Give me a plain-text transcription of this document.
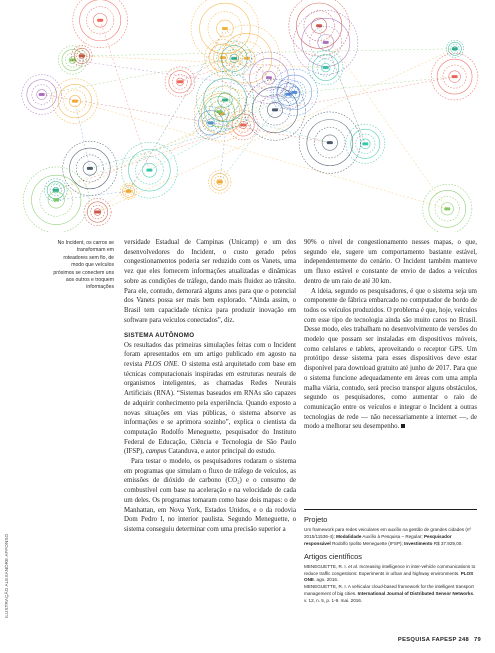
ILUSTRAÇÃO ALEXANDRE AFFONSO
No Incident, os carros se transformam em roteadores sem fio, de modo que veículos próximos se conectem uns aos outros e troquem informações

versidade Estadual de Campinas (Unicamp) e um dos desenvolvedores do Incident, o custo gerado pelos congestionamentos poderia ser reduzido com os Vanets, uma vez que eles fornecem informações atualizadas e dinâmicas sobre as condições de tráfego, dando mais fluidez ao trânsito. Para ele, contudo, demorará alguns anos para que o potencial dos Vanets possa ser mais bem explorado. “Ainda assim, o Brasil tem capacidade técnica para produzir inovação em software para veículos conectados”, diz.

SISTEMA AUTÔNOMO

Os resultados das primeiras simulações feitas com o Incident foram apresentados em um artigo publicado em agosto na revista PLOS ONE. O sistema está arquitetado com base em técnicas computacionais inspiradas em estruturas neurais de organismos inteligentes, as chamadas Redes Neurais Artificiais (RNA). “Sistemas baseados em RNAs são capazes de adquirir conhecimento pela experiência. Quando exposto a novas situações em vias públicas, o sistema absorve as informações e se aprimora sozinho”, explica o cientista da computação Rodolfo Meneguette, pesquisador do Instituto Federal de Educação, Ciência e Tecnologia de São Paulo (IFSP), campus Catanduva, e autor principal do estudo.

Para testar o modelo, os pesquisadores rodaram o sistema em programas que simulam o fluxo de tráfego de veículos, as emissões de dióxido de carbono (CO₂) e o consumo de combustível com base na aceleração e na velocidade de cada um deles. Os programas tomaram como base dois mapas: o de Manhattan, em Nova York, Estados Unidos, e o da rodovia Dom Pedro I, no interior paulista. Segundo Meneguette, o sistema conseguiu determinar com uma precisão superior a

90% o nível de congestionamento nesses mapas, o que, segundo ele, sugere um comportamento bastante estável, independentemente do cenário. O Incident também manteve um fluxo estável e constante de envio de dados a veículos dentro de um raio de até 30 km.

A ideia, segundo os pesquisadores, é que o sistema seja um componente de fábrica embarcado no computador de bordo de todos os veículos produzidos. O problema é que, hoje, veículos com esse tipo de tecnologia ainda são muito caros no Brasil. Desse modo, eles trabalham no desenvolvimento de versões do modelo que possam ser instaladas em dispositivos móveis, como celulares e tablets, aproveitando o receptor GPS. Um protótipo desse sistema para esses dispositivos deve estar disponível para download gratuito até junho de 2017. Para que o sistema funcione adequadamente em áreas com uma ampla malha viária, contudo, será preciso transpor alguns obstáculos, segundo os pesquisadores, como aumentar o raio de comunicação entre os veículos e integrar o Incident a outras tecnologias de rede — não necessariamente a internet —, de modo a melhorar seu desempenho.

Projeto
Um framework para redes veiculares em auxílio na gestão de grandes cidades (nº 2015/11536-4); Modalidade Auxílio à Pesquisa – Regular; Pesquisador responsável Rodolfo Ipolito Meneguette (IFSP); Investimento R$ 37.929,00.
Artigos científicos
MENEGUETTE, R. I. et al. Increasing intelligence in inter-vehicle communications to reduce traffic congestions: Experiments in urban and highway environments. PLOS ONE. ago. 2016.
MENEGUETTE, R. I. A vehicular cloud-based framework for the intelligent transport management of big cities. International Journal of Distributed Sensor Networks. v. 12, n. 5, p. 1-9. mai. 2016.
PESQUISA FAPESP 248 79
